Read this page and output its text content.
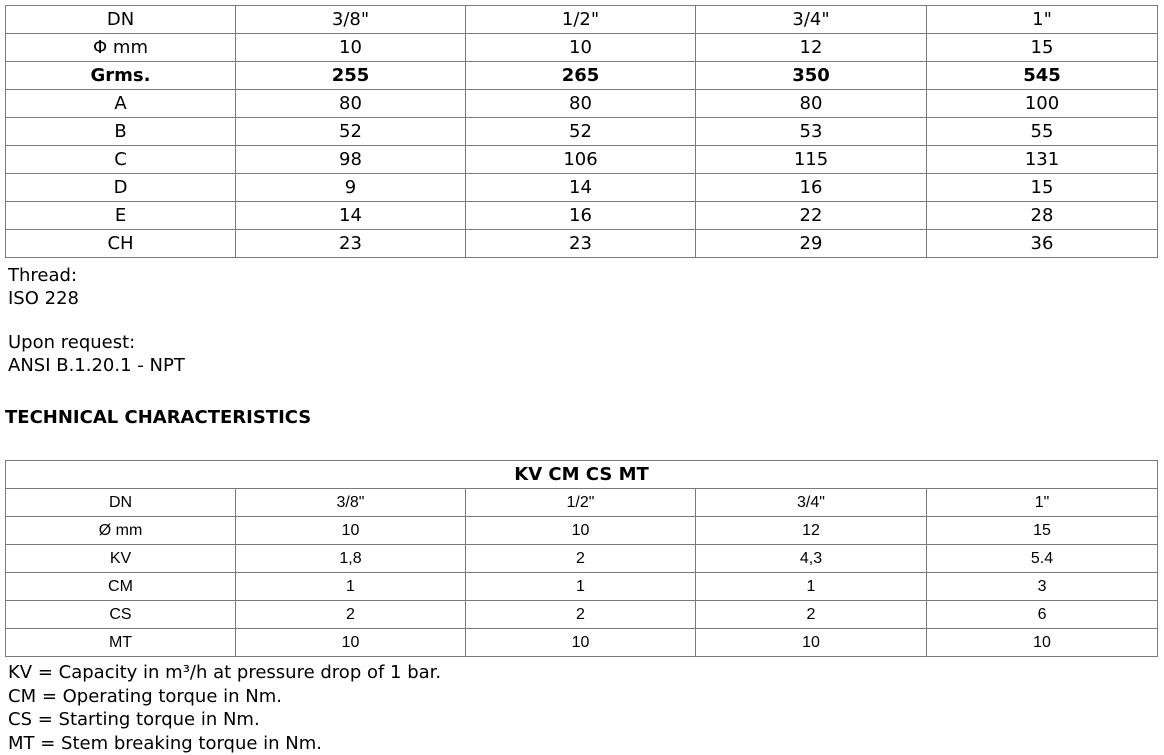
DN	3/8"	1/2"	3/4"	1"
Φ mm	10	10	12	15
Grms.	255	265	350	545
A	80	80	80	100
B	52	52	53	55
C	98	106	115	131
D	9	14	16	15
E	14	16	22	28
CH	23	23	29	36

Thread:

ISO 228

Upon request:

ANSI B.1.20.1 - NPT

TECHNICAL CHARACTERISTICS
KV CM CS MT				
DN	3/8"	1/2"	3/4"	1"
Ø mm	10	10	12	15
KV	1,8	2	4,3	5.4
CM	1	1	1	3
CS	2	2	2	6
MT	10	10	10	10
KV = Capacity in m³/h at pressure drop of 1 bar.
CM = Operating torque in Nm.
CS = Starting torque in Nm.
MT = Stem breaking torque in Nm.
